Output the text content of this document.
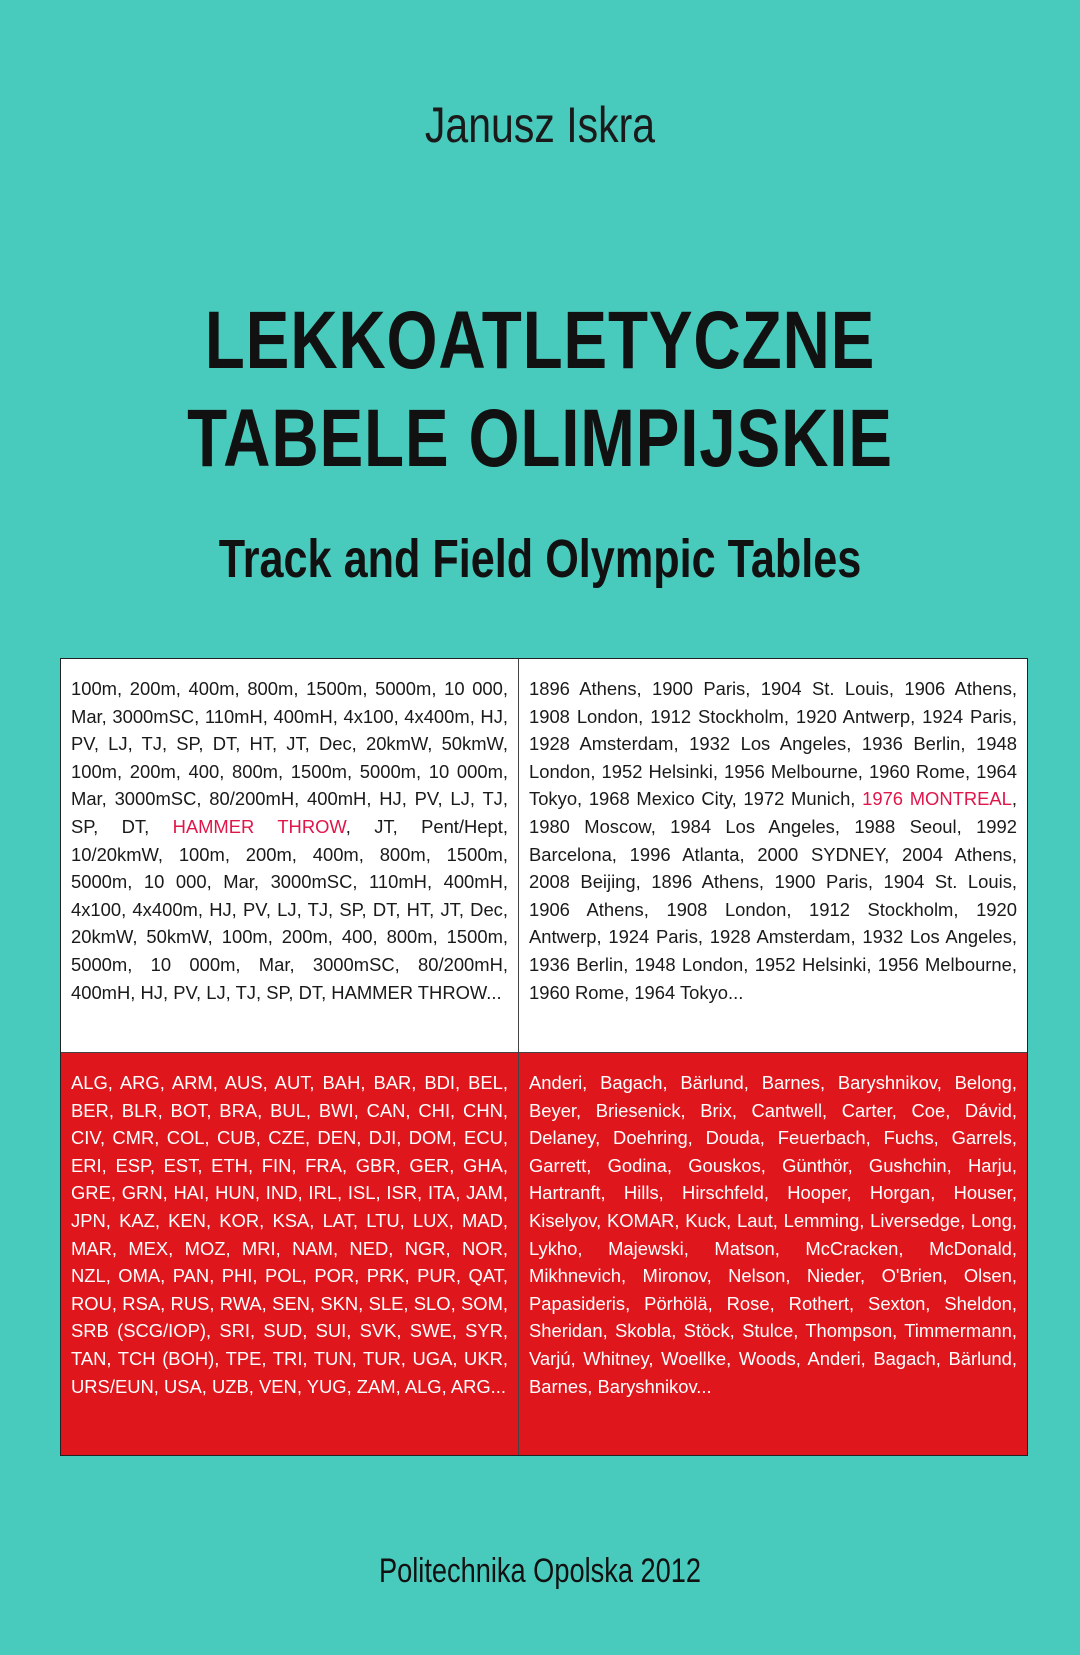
Janusz Iskra
LEKKOATLETYCZNE
TABELE OLIMPIJSKIE
Track and Field Olympic Tables
100m, 200m, 400m, 800m, 1500m, 5000m, 10 000, Mar, 3000mSC, 110mH, 400mH, 4x100, 4x400m, HJ, PV, LJ, TJ, SP, DT, HT, JT, Dec, 20kmW, 50kmW, 100m, 200m, 400, 800m, 1500m, 5000m, 10 000m, Mar, 3000mSC, 80/200mH, 400mH, HJ, PV, LJ, TJ, SP, DT, HAMMER THROW, JT, Pent/Hept, 10/20kmW, 100m, 200m, 400m, 800m, 1500m, 5000m, 10 000, Mar, 3000mSC, 110mH, 400mH, 4x100, 4x400m, HJ, PV, LJ, TJ, SP, DT, HT, JT, Dec, 20kmW, 50kmW, 100m, 200m, 400, 800m, 1500m, 5000m, 10 000m, Mar, 3000mSC, 80/200mH, 400mH, HJ, PV, LJ, TJ, SP, DT, HAMMER THROW...
1896 Athens, 1900 Paris, 1904 St. Louis, 1906 Athens, 1908 London, 1912 Stockholm, 1920 Antwerp, 1924 Paris, 1928 Amsterdam, 1932 Los Angeles, 1936 Berlin, 1948 London, 1952 Helsinki, 1956 Melbourne, 1960 Rome, 1964 Tokyo, 1968 Mexico City, 1972 Munich, 1976 MONTREAL, 1980 Moscow, 1984 Los Angeles, 1988 Seoul, 1992 Barcelona, 1996 Atlanta, 2000 SYDNEY, 2004 Athens, 2008 Beijing, 1896 Athens, 1900 Paris, 1904 St. Louis, 1906 Athens, 1908 London, 1912 Stockholm, 1920 Antwerp, 1924 Paris, 1928 Amsterdam, 1932 Los Angeles, 1936 Berlin, 1948 London, 1952 Helsinki, 1956 Melbourne, 1960 Rome, 1964 Tokyo...
ALG, ARG, ARM, AUS, AUT, BAH, BAR, BDI, BEL, BER, BLR, BOT, BRA, BUL, BWI, CAN, CHI, CHN, CIV, CMR, COL, CUB, CZE, DEN, DJI, DOM, ECU, ERI, ESP, EST, ETH, FIN, FRA, GBR, GER, GHA, GRE, GRN, HAI, HUN, IND, IRL, ISL, ISR, ITA, JAM, JPN, KAZ, KEN, KOR, KSA, LAT, LTU, LUX, MAD, MAR, MEX, MOZ, MRI, NAM, NED, NGR, NOR, NZL, OMA, PAN, PHI, POL, POR, PRK, PUR, QAT, ROU, RSA, RUS, RWA, SEN, SKN, SLE, SLO, SOM, SRB (SCG/IOP), SRI, SUD, SUI, SVK, SWE, SYR, TAN, TCH (BOH), TPE, TRI, TUN, TUR, UGA, UKR, URS/EUN, USA, UZB, VEN, YUG, ZAM, ALG, ARG...
Anderi, Bagach, Bärlund, Barnes, Baryshnikov, Belong, Beyer, Briesenick, Brix, Cantwell, Carter, Coe, Dávid, Delaney, Doehring, Douda, Feuerbach, Fuchs, Garrels, Garrett, Godina, Gouskos, Günthör, Gushchin, Harju, Hartranft, Hills, Hirschfeld, Hooper, Horgan, Houser, Kiselyov, KOMAR, Kuck, Laut, Lemming, Liversedge, Long, Lykho, Majewski, Matson, McCracken, McDonald, Mikhnevich, Mironov, Nelson, Nieder, O'Brien, Olsen, Papasideris, Pörhölä, Rose, Rothert, Sexton, Sheldon, Sheridan, Skobla, Stöck, Stulce, Thompson, Timmermann, Varjú, Whitney, Woellke, Woods, Anderi, Bagach, Bärlund, Barnes, Baryshnikov...
Politechnika Opolska 2012
